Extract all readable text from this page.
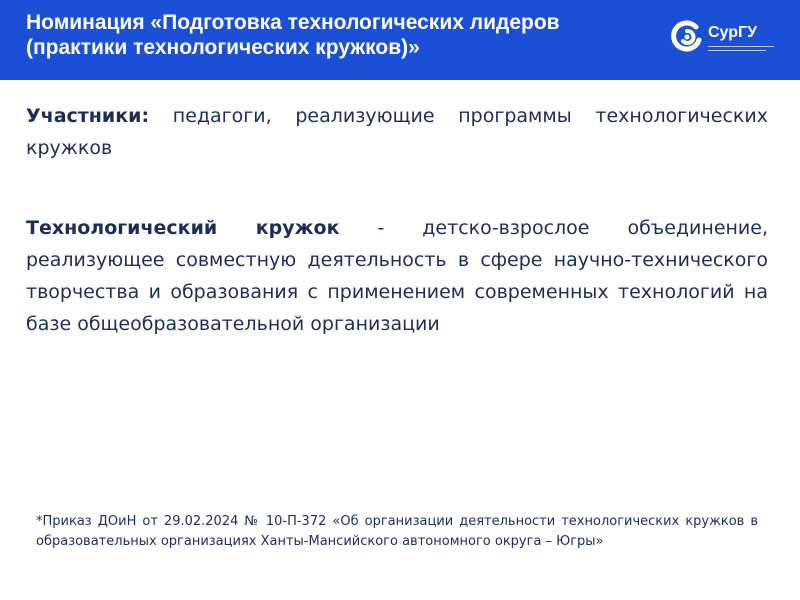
Номинация «Подготовка технологических лидеров
(практики технологических кружков)»
СурГУ

Участники: педагоги, реализующие программы технологических кружков

Технологический кружок - детско-взрослое объединение, реализующее совместную деятельность в сфере научно-технического творчества и образования с применением современных технологий на базе общеобразовательной организации

*Приказ ДОиН от 29.02.2024 № 10-П-372 «Об организации деятельности технологических кружков в образовательных организациях Ханты-Мансийского автономного округа – Югры»
